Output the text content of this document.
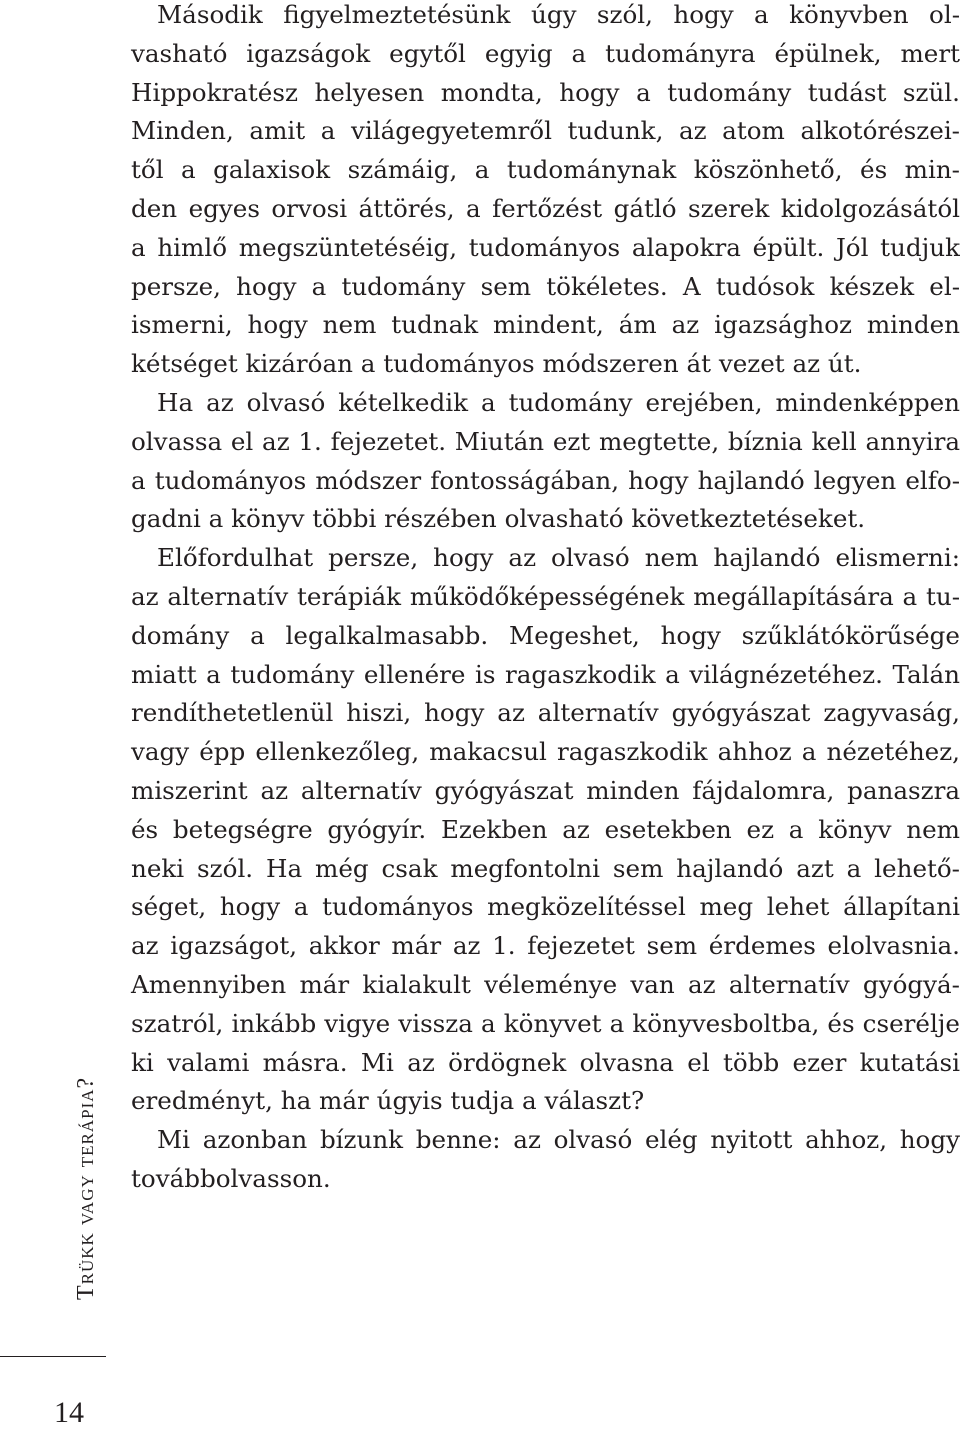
Második figyelmeztetésünk úgy szól, hogy a könyvben ol-
vasható igazságok egytől egyig a tudományra épülnek, mert
Hippokratész helyesen mondta, hogy a tudomány tudást szül.
Minden, amit a világegyetemről tudunk, az atom alkotórészei-
től a galaxisok számáig, a tudománynak köszönhető, és min-
den egyes orvosi áttörés, a fertőzést gátló szerek kidolgozásától
a himlő megszüntetéséig, tudományos alapokra épült. Jól tudjuk
persze, hogy a tudomány sem tökéletes. A tudósok készek el-
ismerni, hogy nem tudnak mindent, ám az igazsághoz minden
kétséget kizáróan a tudományos módszeren át vezet az út.
Ha az olvasó kételkedik a tudomány erejében, mindenképpen
olvassa el az 1. fejezetet. Miután ezt megtette, bíznia kell annyira
a tudományos módszer fontosságában, hogy hajlandó legyen elfo-
gadni a könyv többi részében olvasható következtetéseket.
Előfordulhat persze, hogy az olvasó nem hajlandó elismerni:
az alternatív terápiák működőképességének megállapítására a tu-
domány a legalkalmasabb. Megeshet, hogy szűklátókörűsége
miatt a tudomány ellenére is ragaszkodik a világnézetéhez. Talán
rendíthetetlenül hiszi, hogy az alternatív gyógyászat zagyvaság,
vagy épp ellenkezőleg, makacsul ragaszkodik ahhoz a nézetéhez,
miszerint az alternatív gyógyászat minden fájdalomra, panaszra
és betegségre gyógyír. Ezekben az esetekben ez a könyv nem
neki szól. Ha még csak megfontolni sem hajlandó azt a lehető-
séget, hogy a tudományos megközelítéssel meg lehet állapítani
az igazságot, akkor már az 1. fejezetet sem érdemes elolvasnia.
Amennyiben már kialakult véleménye van az alternatív gyógyá-
szatról, inkább vigye vissza a könyvet a könyvesboltba, és cserélje
ki valami másra. Mi az ördögnek olvasna el több ezer kutatási
eredményt, ha már úgyis tudja a választ?
Mi azonban bízunk benne: az olvasó elég nyitott ahhoz, hogy
továbbolvasson.
Trükk vagy terápia?
14
